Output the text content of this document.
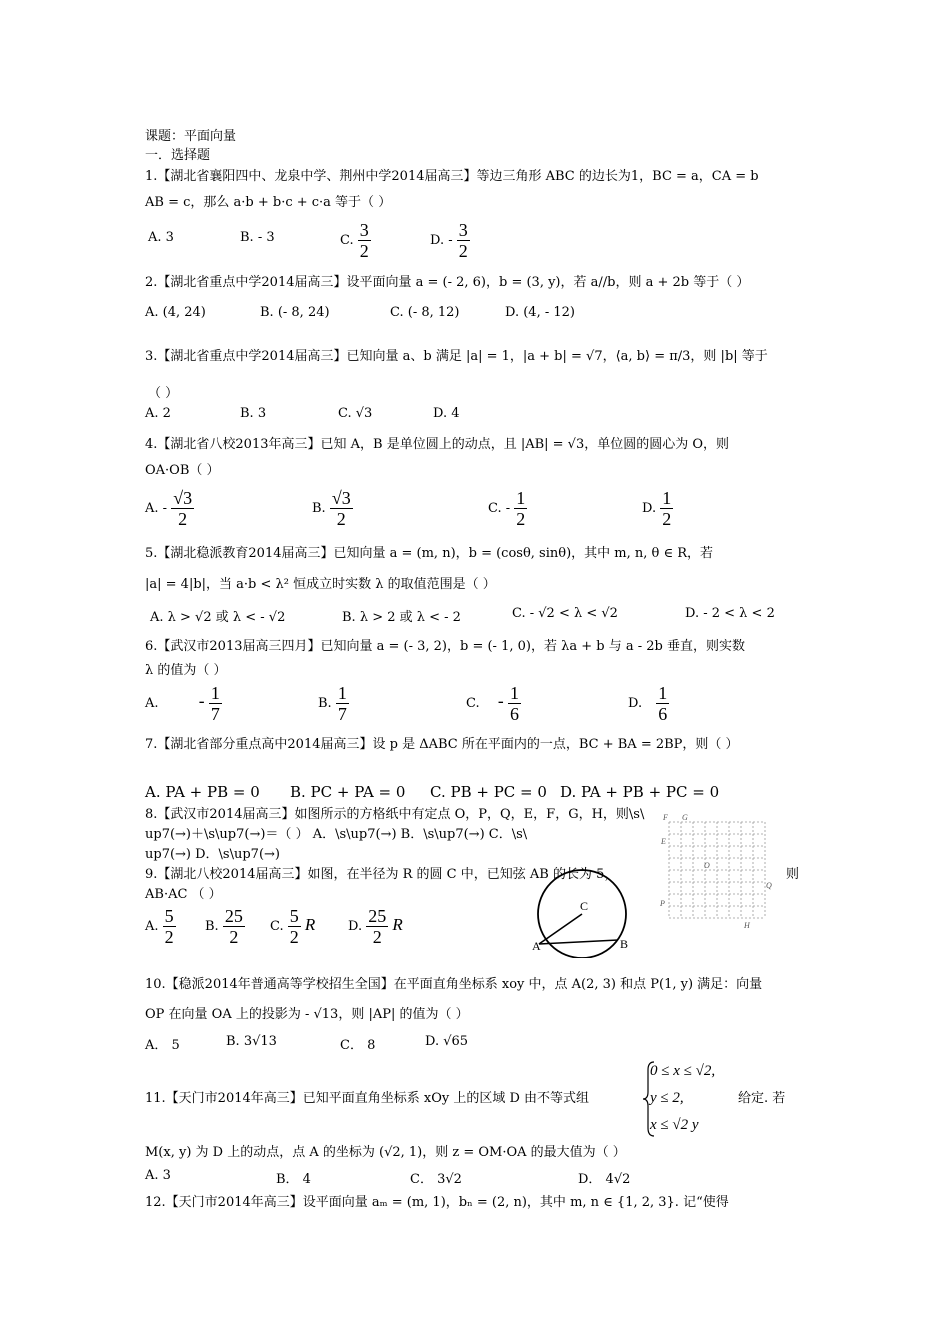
课题：平面向量
一．选择题
1.【湖北省襄阳四中、龙泉中学、荆州中学2014届高三】等边三角形 ABC 的边长为1，BC = a，CA = b
AB = c，那么 a·b + b·c + c·a 等于（ ）
A. 3	B. - 3	C. $\frac{3}{2}$	D. - $\frac{3}{2}$
2.【湖北省重点中学2014届高三】设平面向量 a = (- 2, 6)，b = (3, y)，若 a//b，则 a + 2b 等于（ ）
A. (4, 24)	B. (- 8, 24)	C. (- 8, 12)	D. (4, - 12)
3.【湖北省重点中学2014届高三】已知向量 a、b 满足 |a| = 1，|a + b| = √7，⟨a, b⟩ = π/3，则 |b| 等于
（ ）
A. 2	B. 3	C. √3	D. 4
4.【湖北省八校2013年高三】已知 A，B 是单位圆上的动点，且 |AB| = √3，单位圆的圆心为 O，则
OA·OB（ ）
A. - $\frac{√3}{2}$	B. $\frac{√3}{2}$	C. - $\frac{1}{2}$	D. $\frac{1}{2}$
5.【湖北稳派教育2014届高三】已知向量 a = (m, n)，b = (cosθ, sinθ)，其中 m, n, θ ∈ R，若
|a| = 4|b|，当 a·b < λ² 恒成立时实数 λ 的取值范围是（ ）
A. λ > √2 或 λ < - √2	B. λ > 2 或 λ < - 2	C. - √2 < λ < √2	D. - 2 < λ < 2
6.【武汉市2013届高三四月】已知向量 a = (- 3, 2)，b = (- 1, 0)，若 λa + b 与 a - 2b 垂直，则实数
λ 的值为（ ）
A. - $\frac{1}{7}$	B. $\frac{1}{7}$	C. - $\frac{1}{6}$	D. $\frac{1}{6}$
7.【湖北省部分重点高中2014届高三】设 p 是 ΔABC 所在平面内的一点，BC + BA = 2BP，则（ ）
A. PA + PB = 0 B. PC + PA = 0 C. PB + PC = 0 D. PA + PB + PC = 0
8.【武汉市2014届高三】如图所示的方格纸中有定点 O，P，Q，E，F，G，H，则\s\
up7(→)＋\s\up7(→)＝（ ） A．\s\up7(→) B．\s\up7(→) C．\s\
up7(→) D．\s\up7(→)
F G
E
O
Q
P
H
9.【湖北八校2014届高三】如图，在半径为 R 的圆 C 中，已知弦 AB 的长为 5，	则
AB·AC （ ）
A. $\frac{5}{2} B$. $\frac{25}{2} C$. $\frac{5}{2}$ R	D. $\frac{25}{2}$ R
C
A	B
10.【稳派2014年普通高等学校招生全国】在平面直角坐标系 xoy 中，点 A(2, 3) 和点 P(1, y) 满足：向量
OP 在向量 OA 上的投影为 - √13，则 |AP| 的值为（ ）
A． 5	B. 3√13	C． 8	D. √65
0 ≤ x ≤ √2,
y ≤ 2,
x ≤ √2 y
11.【天门市2014年高三】已知平面直角坐标系 xOy 上的区域 D 由不等式组	给定. 若
M(x, y) 为 D 上的动点，点 A 的坐标为 (√2, 1)，则 z = OM·OA 的最大值为（ ）
A. 3	B． 4	C． 3√2	D． 4√2
12.【天门市2014年高三】设平面向量 aₘ = (m, 1)，bₙ = (2, n)，其中 m, n ∈ {1, 2, 3}. 记“使得
